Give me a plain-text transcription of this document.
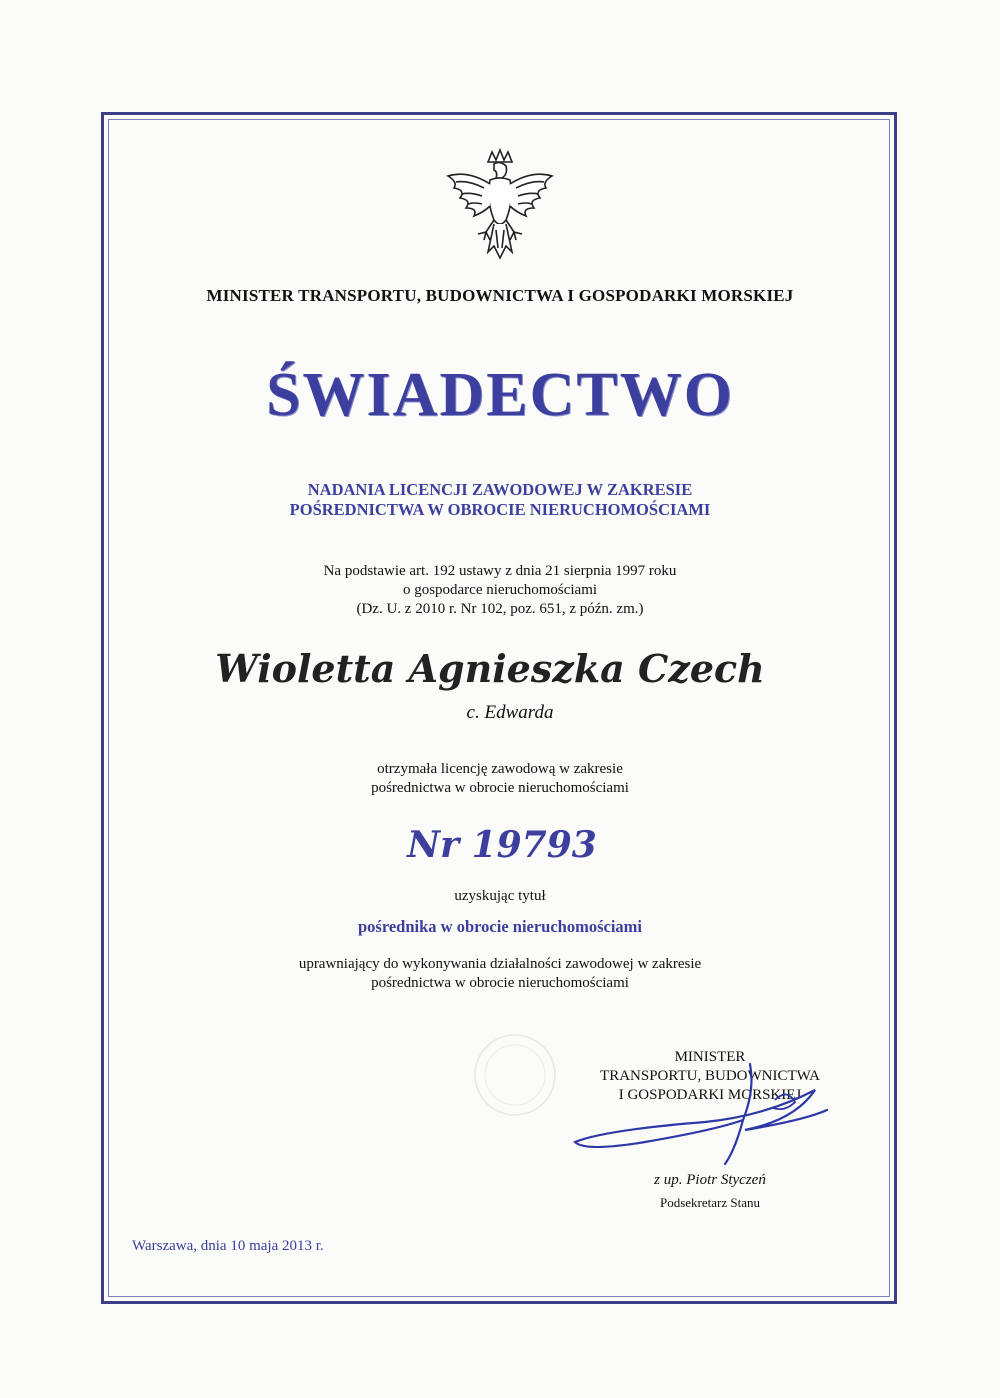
MINISTER TRANSPORTU, BUDOWNICTWA I GOSPODARKI MORSKIEJ
ŚWIADECTWO
NADANIA LICENCJI ZAWODOWEJ W ZAKRESIE
POŚREDNICTWA W OBROCIE NIERUCHOMOŚCIAMI
Na podstawie art. 192 ustawy z dnia 21 sierpnia 1997 roku
o gospodarce nieruchomościami
(Dz. U. z 2010 r. Nr 102, poz. 651, z późn. zm.)
Wioletta Agnieszka Czech
c. Edwarda
otrzymała licencję zawodową w zakresie
pośrednictwa w obrocie nieruchomościami
Nr 19793
uzyskując tytuł
pośrednika w obrocie nieruchomościami
uprawniający do wykonywania działalności zawodowej w zakresie
pośrednictwa w obrocie nieruchomościami
MINISTER
TRANSPORTU, BUDOWNICTWA
I GOSPODARKI MORSKIEJ
z up. Piotr Styczeń
Podsekretarz Stanu
Warszawa, dnia 10 maja 2013 r.
